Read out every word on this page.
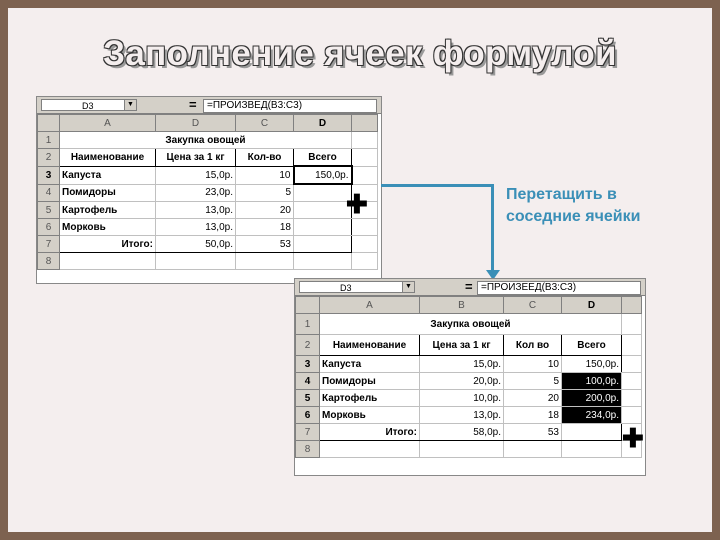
Заполнение ячеек формулой
D3	▼	=	=ПРОИЗВЕД(B3:C3)
	A	D	C	D	
1	Закупка овощей				
2	Наименование	Цена за 1 кг	Кол-во	Всего	
3	Капуста	15,0р.	10	150,0р.	
4	Помидоры	23,0р.	5		
5	Картофель	13,0р.	20		
6	Морковь	13,0р.	18		
7	Итого:	50,0р.	53		
8					
✚	Перетащить в
соседние ячейки
D3	▼	= =ПРОИЗЕЕД(B3:C3)
	A	B	C	D	
1	Закупка овощей				
2	Наименование	Цена за 1 кг	Кол во	Всего	
3	Капуста	15,0р.	10	150,0р.	
4	Помидоры	20,0р.	5	100,0р.	
5	Картофель	10,0р.	20	200,0р.	
6	Морковь	13,0р.	18	234,0р.	
7	Итого:	58,0р.	53		
8						✚
